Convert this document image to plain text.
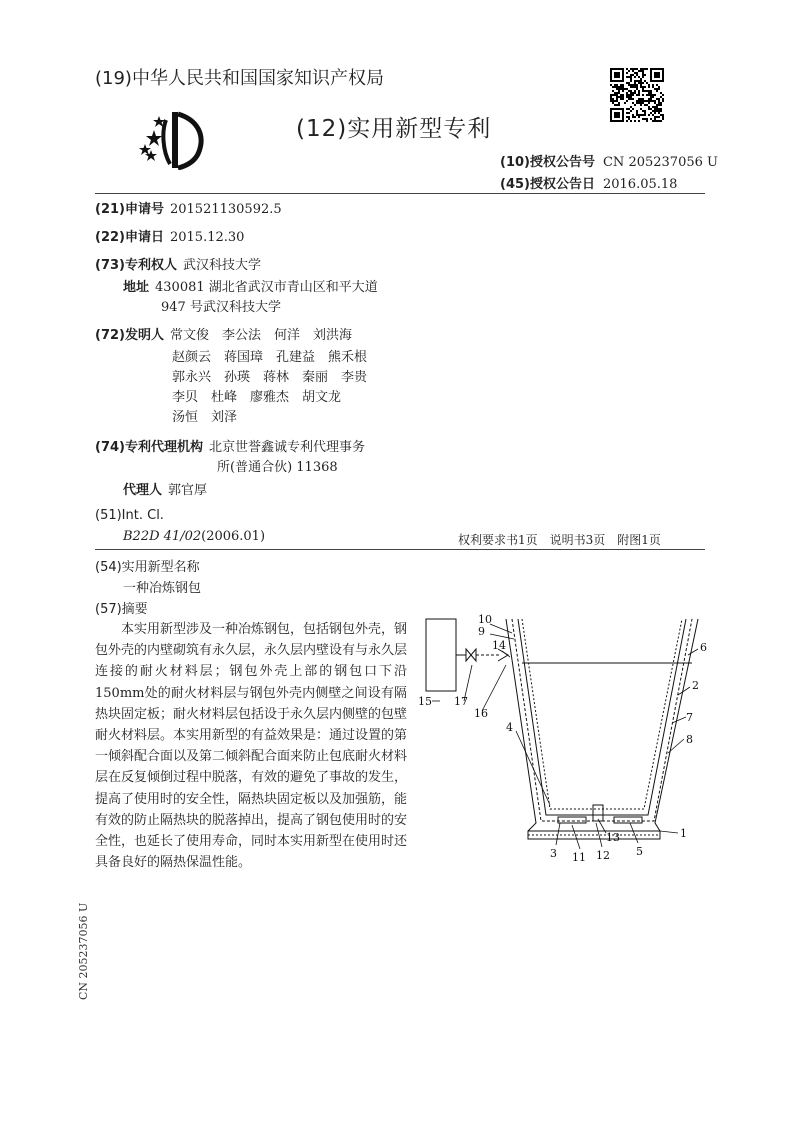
(19)中华人民共和国国家知识产权局
(12)实用新型专利
(10)授权公告号 CN 205237056 U
(45)授权公告日 2016.05.18
(21)申请号 201521130592.5
(22)申请日 2015.12.30
(73)专利权人 武汉科技大学
地址 430081 湖北省武汉市青山区和平大道
947 号武汉科技大学
(72)发明人 常文俊　李公法　何洋　刘洪海
赵颜云　蒋国璋　孔建益　熊禾根
郭永兴　孙瑛　蒋林　秦丽　李贵
李贝　杜峰　廖雅杰　胡文龙
汤恒　刘泽
(74)专利代理机构 北京世誉鑫诚专利代理事务
所(普通合伙) 11368
代理人 郭官厚
(51)Int. Cl.
B22D 41/02(2006.01)	权利要求书1页　说明书3页　附图1页
(54)实用新型名称
一种冶炼钢包
(57)摘要
本实用新型涉及一种冶炼钢包，包括钢包外壳，钢包外壳的内壁砌筑有永久层，永久层内壁设有与永久层连接的耐火材料层；钢包外壳上部的钢包口下沿150mm处的耐火材料层与钢包外壳内侧壁之间设有隔热块固定板；耐火材料层包括设于永久层内侧壁的包壁耐火材料层。本实用新型的有益效果是：通过设置的第一倾斜配合面以及第二倾斜配合面来防止包底耐火材料层在反复倾倒过程中脱落，有效的避免了事故的发生，提高了使用时的安全性，隔热块固定板以及加强筋，能有效的防止隔热块的脱落掉出，提高了钢包使用时的安全性，也延长了使用寿命，同时本实用新型在使用时还具备良好的隔热保温性能。
10
9
14	6
2
15 17
16	7
4
8
13
3 11 12 5
1
CN 205237056 U
